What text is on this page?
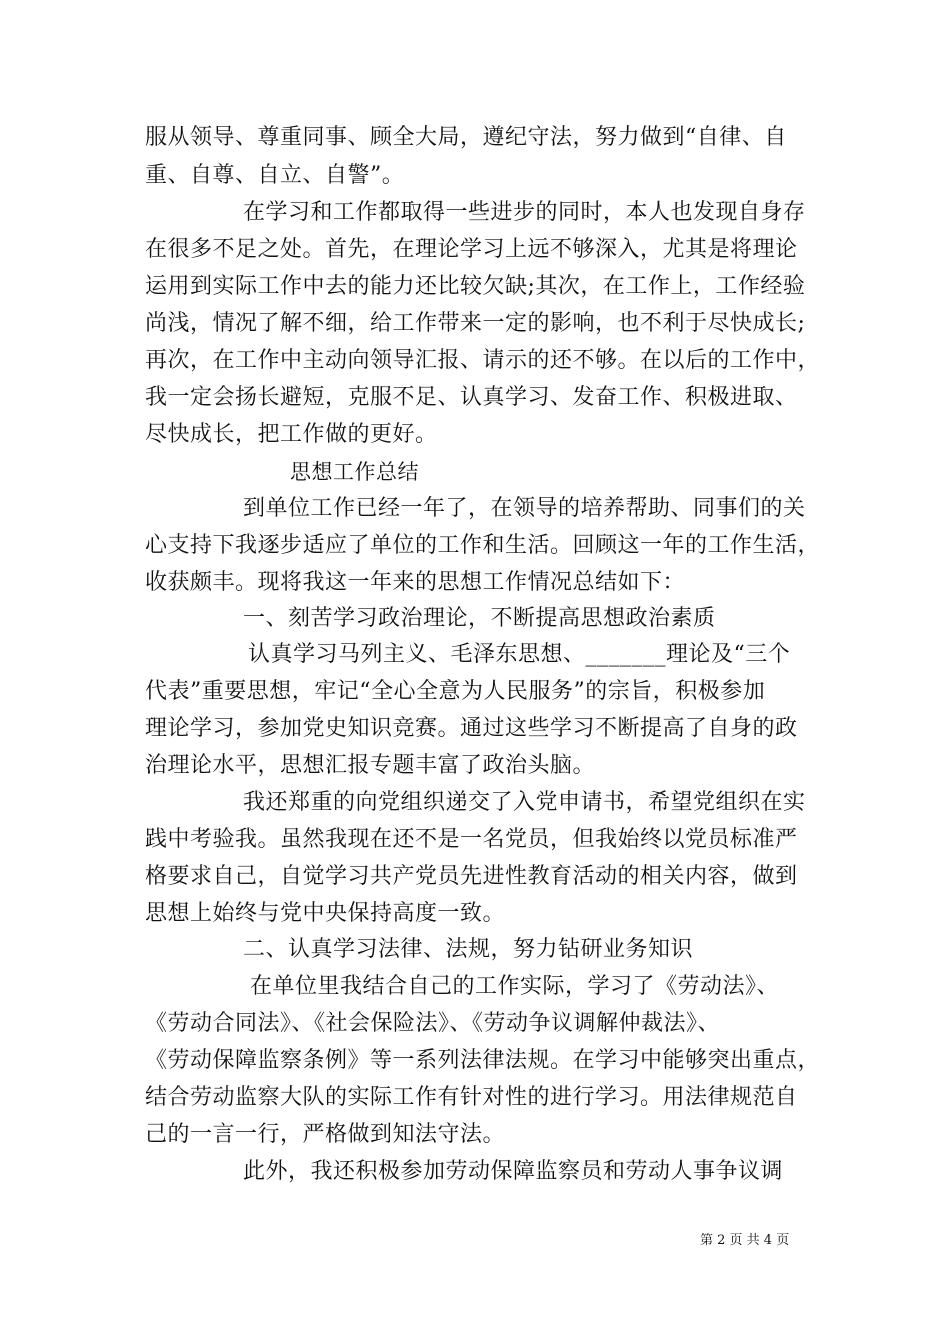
服从领导、尊重同事、顾全大局，遵纪守法，努力做到“自律、自
重、自尊、自立、自警”。
在学习和工作都取得一些进步的同时，本人也发现自身存
在很多不足之处。首先，在理论学习上远不够深入，尤其是将理论
运用到实际工作中去的能力还比较欠缺;其次，在工作上，工作经验
尚浅，情况了解不细，给工作带来一定的影响，也不利于尽快成长;
再次，在工作中主动向领导汇报、请示的还不够。在以后的工作中，
我一定会扬长避短，克服不足、认真学习、发奋工作、积极进取、
尽快成长，把工作做的更好。
思想工作总结
到单位工作已经一年了，在领导的培养帮助、同事们的关
心支持下我逐步适应了单位的工作和生活。回顾这一年的工作生活，
收获颇丰。现将我这一年来的思想工作情况总结如下：
一、刻苦学习政治理论，不断提高思想政治素质
认真学习马列主义、毛泽东思想、_______理论及“三个
代表”重要思想，牢记“全心全意为人民服务”的宗旨，积极参加
理论学习，参加党史知识竞赛。通过这些学习不断提高了自身的政
治理论水平，思想汇报专题丰富了政治头脑。
我还郑重的向党组织递交了入党申请书，希望党组织在实
践中考验我。虽然我现在还不是一名党员，但我始终以党员标准严
格要求自己，自觉学习共产党员先进性教育活动的相关内容，做到
思想上始终与党中央保持高度一致。
二、认真学习法律、法规，努力钻研业务知识
在单位里我结合自己的工作实际，学习了《劳动法》、
《劳动合同法》、《社会保险法》、《劳动争议调解仲裁法》、
《劳动保障监察条例》等一系列法律法规。在学习中能够突出重点，
结合劳动监察大队的实际工作有针对性的进行学习。用法律规范自
己的一言一行，严格做到知法守法。
此外，我还积极参加劳动保障监察员和劳动人事争议调
第 2 页 共 4 页
